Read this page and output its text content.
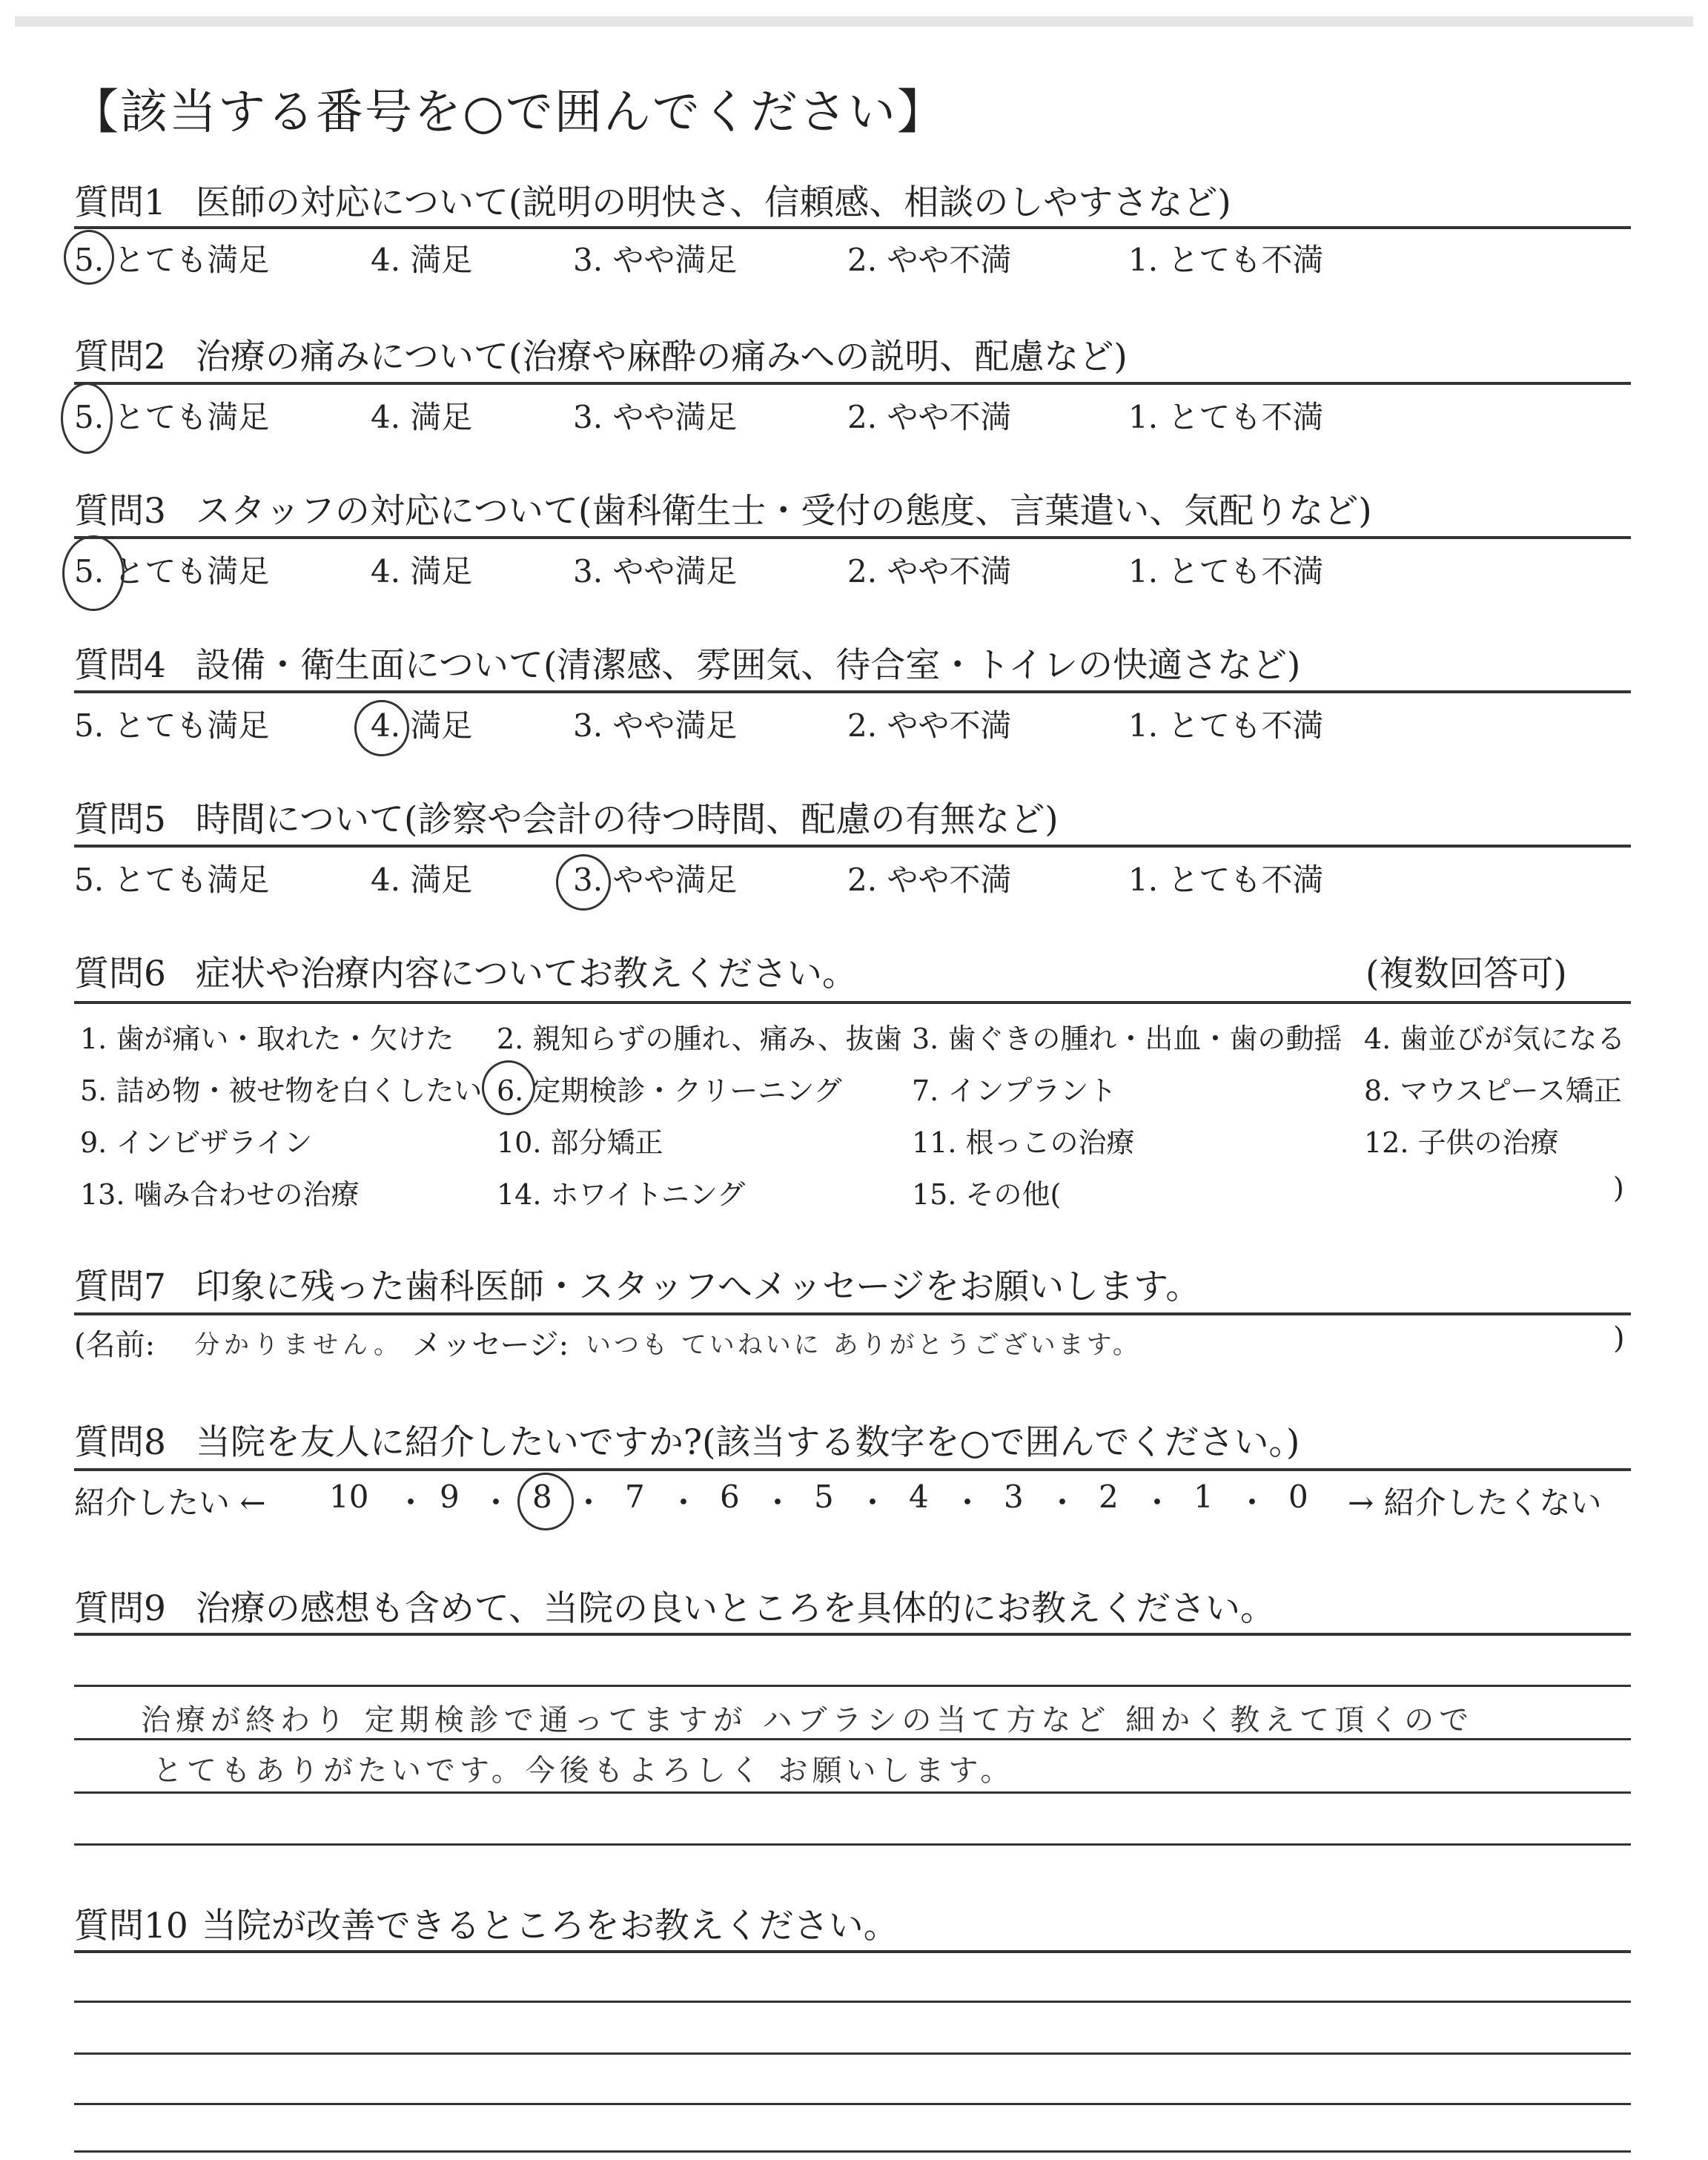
【該当する番号を○で囲んでください】
質問1 医師の対応について(説明の明快さ、信頼感、相談のしやすさなど)
5. とても満足	4. 満足	3. やや満足	2. やや不満	1. とても不満
質問2 治療の痛みについて(治療や麻酔の痛みへの説明、配慮など)
5. とても満足	4. 満足	3. やや満足	2. やや不満	1. とても不満
質問3 スタッフの対応について(歯科衛生士・受付の態度、言葉遣い、気配りなど)
5. とても満足	4. 満足	3. やや満足	2. やや不満	1. とても不満
質問4 設備・衛生面について(清潔感、雰囲気、待合室・トイレの快適さなど)
5. とても満足	4. 満足	3. やや満足	2. やや不満	1. とても不満
質問5 時間について(診察や会計の待つ時間、配慮の有無など)
5. とても満足	4. 満足	3. やや満足	2. やや不満	1. とても不満
質問6 症状や治療内容についてお教えください。	(複数回答可)
1. 歯が痛い・取れた・欠けた 2. 親知らずの腫れ、痛み、抜歯 3. 歯ぐきの腫れ・出血・歯の動揺 4. 歯並びが気になる
5. 詰め物・被せ物を白くしたい 6. 定期検診・クリーニング 7. インプラント	8. マウスピース矯正
9. インビザライン	10. 部分矯正	11. 根っこの治療	12. 子供の治療
13. 噛み合わせの治療	14. ホワイトニング	15. その他(	)
質問7 印象に残った歯科医師・スタッフへメッセージをお願いします。
(名前: 分かりません。 メッセージ: いつも ていねいに ありがとうございます。	)
質問8 当院を友人に紹介したいですか?(該当する数字を○で囲んでください。)
紹介したい ← 10 ・ 9 ・ 8 ・ 7 ・ 6 ・ 5 ・ 4 ・ 3 ・ 2 ・ 1 ・ 0 → 紹介したくない
質問9 治療の感想も含めて、当院の良いところを具体的にお教えください。
治療が終わり 定期検診で通ってますが ハブラシの当て方など 細かく教えて頂くので
とてもありがたいです。今後もよろしく お願いします。
質問10 当院が改善できるところをお教えください。
